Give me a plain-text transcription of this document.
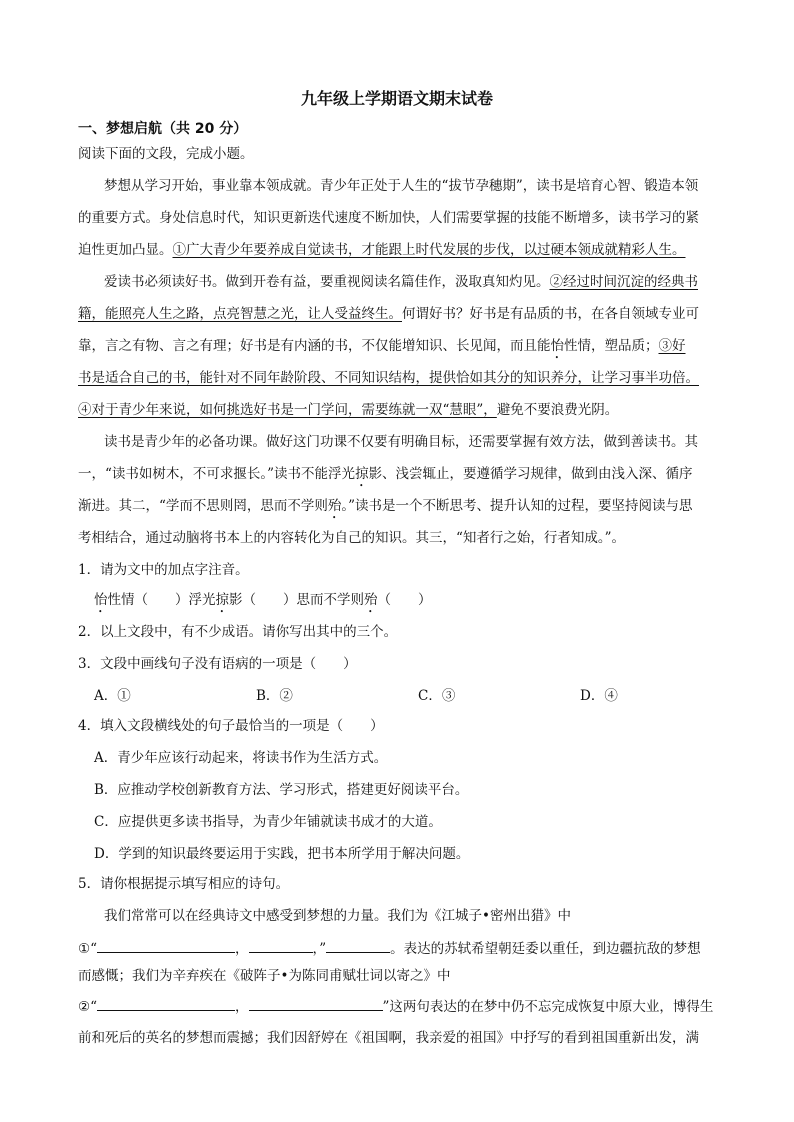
九年级上学期语文期末试卷
一、梦想启航（共 20 分）
阅读下面的文段，完成小题。
梦想从学习开始，事业靠本领成就。青少年正处于人生的“拔节孕穗期”，读书是培育心智、锻造本领
的重要方式。身处信息时代，知识更新迭代速度不断加快，人们需要掌握的技能不断增多，读书学习的紧
迫性更加凸显。①广大青少年要养成自觉读书，才能跟上时代发展的步伐，以过硬本领成就精彩人生。
爱读书必须读好书。做到开卷有益，要重视阅读名篇佳作，汲取真知灼见。②经过时间沉淀的经典书
籍，能照亮人生之路，点亮智慧之光，让人受益终生。何谓好书？好书是有品质的书，在各自领域专业可
靠，言之有物、言之有理；好书是有内涵的书，不仅能增知识、长见闻，而且能怡性情，塑品质；③好
书是适合自己的书，能针对不同年龄阶段、不同知识结构，提供恰如其分的知识养分，让学习事半功倍。
④对于青少年来说，如何挑选好书是一门学问，需要练就一双“慧眼”，避免不要浪费光阴。
读书是青少年的必备功课。做好这门功课不仅要有明确目标，还需要掌握有效方法，做到善读书。其
一，“读书如树木，不可求揠长。”读书不能浮光掠影、浅尝辄止，要遵循学习规律，做到由浅入深、循序
渐进。其二，“学而不思则罔，思而不学则殆。”读书是一个不断思考、提升认知的过程，要坚持阅读与思
考相结合，通过动脑将书本上的内容转化为自己的知识。其三，“知者行之始，行者知成。”。
1．请为文中的加点字注音。
怡性情（　　）浮光掠影（　　）思而不学则殆（　　）
2．以上文段中，有不少成语。请你写出其中的三个。
3．文段中画线句子没有语病的一项是（　　）
A．①	B．②	C．③	D．④
4．填入文段横线处的句子最恰当的一项是（　　）
A．青少年应该行动起来，将读书作为生活方式。
B．应推动学校创新教育方法、学习形式，搭建更好阅读平台。
C．应提供更多读书指导，为青少年铺就读书成才的大道。
D．学到的知识最终要运用于实践，把书本所学用于解决问题。
5．请你根据提示填写相应的诗句。
我们常常可以在经典诗文中感受到梦想的力量。我们为《江城子•密州出猎》中
①“	，	，”	。表达的苏轼希望朝廷委以重任，到边疆抗敌的梦想
而感慨；我们为辛弃疾在《破阵子•为陈同甫赋壮词以寄之》中
②“	，	”这两句表达的在梦中仍不忘完成恢复中原大业，博得生
前和死后的英名的梦想而震撼；我们因舒婷在《祖国啊，我亲爱的祖国》中抒写的看到祖国重新出发，满
